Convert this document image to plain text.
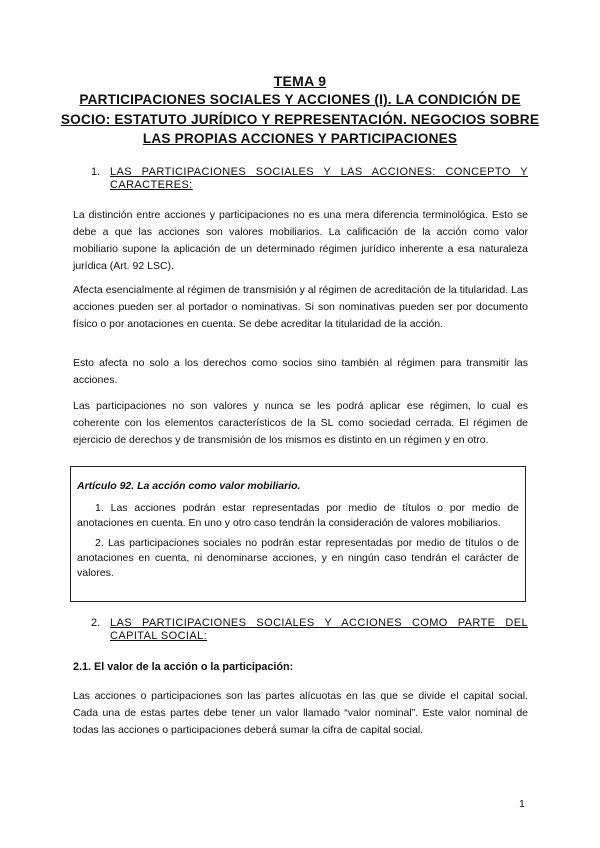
TEMA 9

PARTICIPACIONES SOCIALES Y ACCIONES (I). LA CONDICIÓN DE SOCIO: ESTATUTO JURÍDICO Y REPRESENTACIÓN. NEGOCIOS SOBRE LAS PROPIAS ACCIONES Y PARTICIPACIONES

1. LAS PARTICIPACIONES SOCIALES Y LAS ACCIONES: CONCEPTO Y CARACTERES:

La distinción entre acciones y participaciones no es una mera diferencia terminológica. Esto se debe a que las acciones son valores mobiliarios. La calificación de la acción como valor mobiliario supone la aplicación de un determinado régimen jurídico inherente a esa naturaleza jurídica (Art. 92 LSC).

Afecta esencialmente al régimen de transmisión y al régimen de acreditación de la titularidad. Las acciones pueden ser al portador o nominativas. Si son nominativas pueden ser por documento físico o por anotaciones en cuenta. Se debe acreditar la titularidad de la acción.

Esto afecta no solo a los derechos como socios sino también al régimen para transmitir las acciones.

Las participaciones no son valores y nunca se les podrá aplicar ese régimen, lo cual es coherente con los elementos característicos de la SL como sociedad cerrada. El régimen de ejercicio de derechos y de transmisión de los mismos es distinto en un régimen y en otro.

Artículo 92. La acción como valor mobiliario.

1. Las acciones podrán estar representadas por medio de títulos o por medio de anotaciones en cuenta. En uno y otro caso tendrán la consideración de valores mobiliarios.

2. Las participaciones sociales no podrán estar representadas por medio de títulos o de anotaciones en cuenta, ni denominarse acciones, y en ningún caso tendrán el carácter de valores.

2. LAS PARTICIPACIONES SOCIALES Y ACCIONES COMO PARTE DEL CAPITAL SOCIAL:
2.1. El valor de la acción o la participación:

Las acciones o participaciones son las partes alícuotas en las que se divide el capital social. Cada una de estas partes debe tener un valor llamado “valor nominal”. Este valor nominal de todas las acciones o participaciones deberá sumar la cifra de capital social.

1
